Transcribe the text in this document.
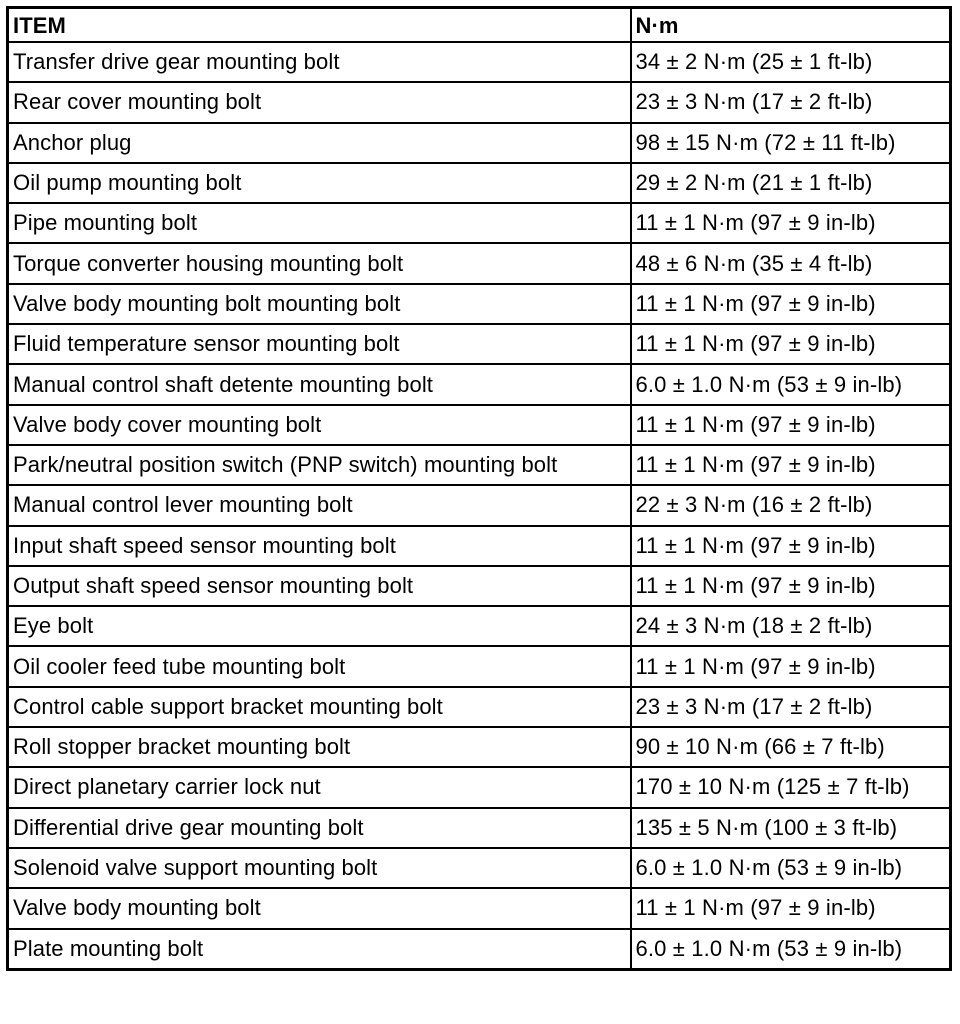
ITEM	N·m
Transfer drive gear mounting bolt	34 ± 2 N·m (25 ± 1 ft-lb)
Rear cover mounting bolt	23 ± 3 N·m (17 ± 2 ft-lb)
Anchor plug	98 ± 15 N·m (72 ± 11 ft-lb)
Oil pump mounting bolt	29 ± 2 N·m (21 ± 1 ft-lb)
Pipe mounting bolt	11 ± 1 N·m (97 ± 9 in-lb)
Torque converter housing mounting bolt	48 ± 6 N·m (35 ± 4 ft-lb)
Valve body mounting bolt mounting bolt	11 ± 1 N·m (97 ± 9 in-lb)
Fluid temperature sensor mounting bolt	11 ± 1 N·m (97 ± 9 in-lb)
Manual control shaft detente mounting bolt	6.0 ± 1.0 N·m (53 ± 9 in-lb)
Valve body cover mounting bolt	11 ± 1 N·m (97 ± 9 in-lb)
Park/neutral position switch (PNP switch) mounting bolt	11 ± 1 N·m (97 ± 9 in-lb)
Manual control lever mounting bolt	22 ± 3 N·m (16 ± 2 ft-lb)
Input shaft speed sensor mounting bolt	11 ± 1 N·m (97 ± 9 in-lb)
Output shaft speed sensor mounting bolt	11 ± 1 N·m (97 ± 9 in-lb)
Eye bolt	24 ± 3 N·m (18 ± 2 ft-lb)
Oil cooler feed tube mounting bolt	11 ± 1 N·m (97 ± 9 in-lb)
Control cable support bracket mounting bolt	23 ± 3 N·m (17 ± 2 ft-lb)
Roll stopper bracket mounting bolt	90 ± 10 N·m (66 ± 7 ft-lb)
Direct planetary carrier lock nut	170 ± 10 N·m (125 ± 7 ft-lb)
Differential drive gear mounting bolt	135 ± 5 N·m (100 ± 3 ft-lb)
Solenoid valve support mounting bolt	6.0 ± 1.0 N·m (53 ± 9 in-lb)
Valve body mounting bolt	11 ± 1 N·m (97 ± 9 in-lb)
Plate mounting bolt	6.0 ± 1.0 N·m (53 ± 9 in-lb)
